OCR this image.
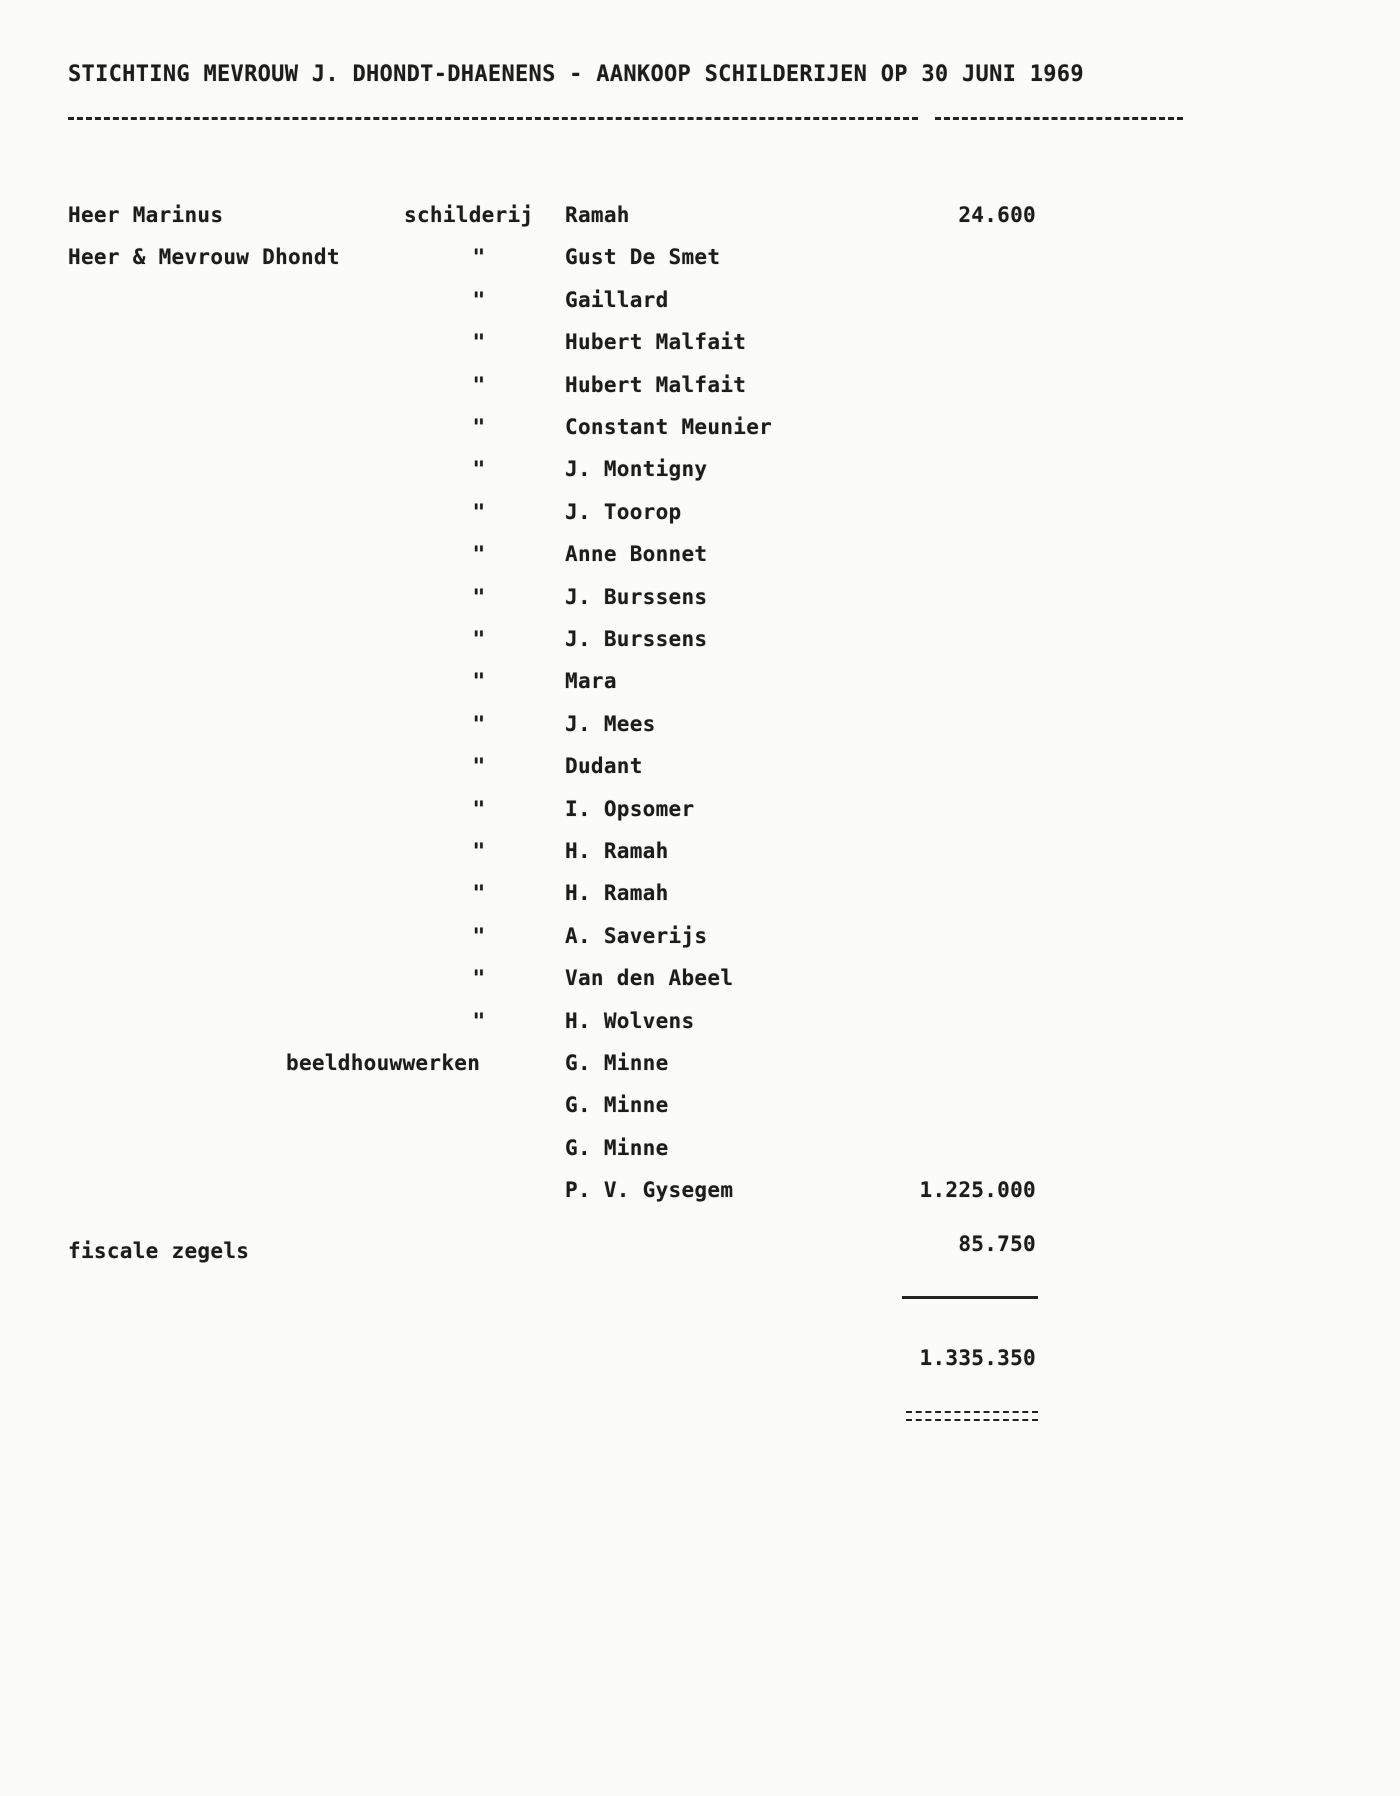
STICHTING MEVROUW J. DHONDT-DHAENENS - AANKOOP SCHILDERIJEN OP 30 JUNI 1969
Heer Marinus	schilderij Ramah	24.600
Heer & Mevrouw Dhondt	"	Gust De Smet
"	Gaillard
"	Hubert Malfait
"	Hubert Malfait
"	Constant Meunier
"	J. Montigny
"	J. Toorop
"	Anne Bonnet
"	J. Burssens
"	J. Burssens
"	Mara
"	J. Mees
"	Dudant
"	I. Opsomer
"	H. Ramah
"	H. Ramah
"	A. Saverijs
"	Van den Abeel
"	H. Wolvens
beeldhouwwerken	G. Minne
G. Minne
G. Minne
P. V. Gysegem	1.225.000
fiscale zegels	85.750
1.335.350
